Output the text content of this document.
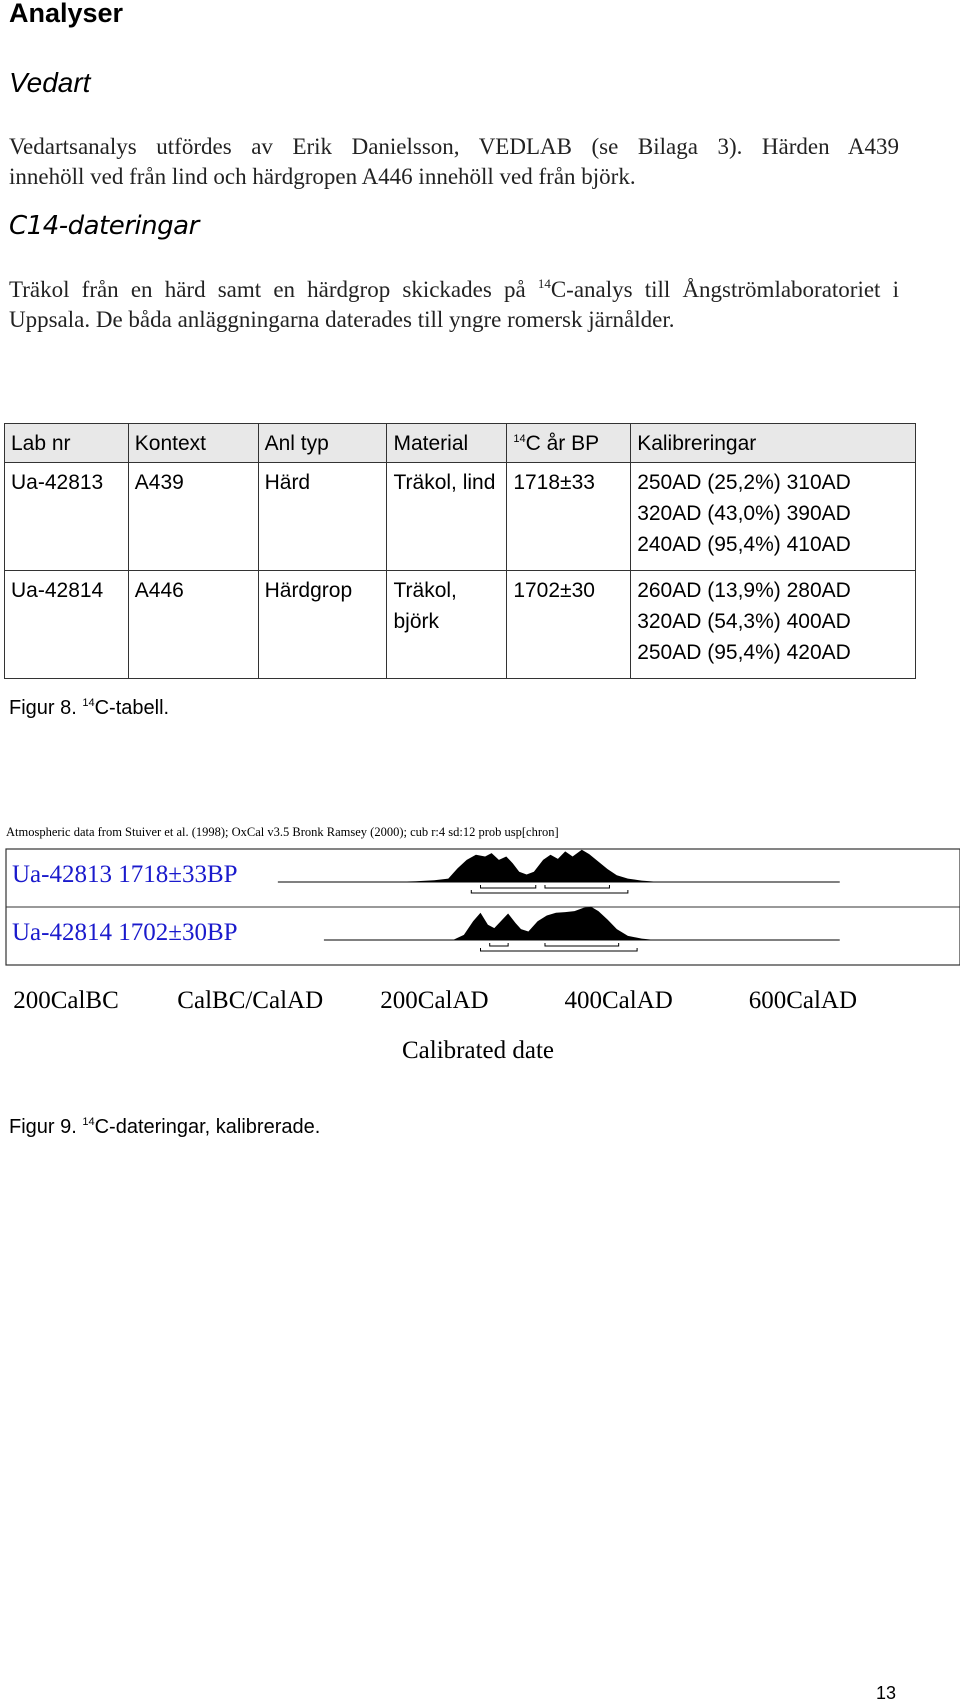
Analyser
Vedart

Vedartsanalys utfördes av Erik Danielsson, VEDLAB (se Bilaga 3). Härden A439

innehöll ved från lind och härdgropen A446 innehöll ved från björk.

C14-dateringar

Träkol från en härd samt en härdgrop skickades på $^{14}$C-analys till Ångströmlaboratoriet i Uppsala. De båda anläggningarna daterades till yngre romersk järnålder.

Lab nr	Kontext	Anl typ	Material	$^{14}$C år BP	Kalibreringar
Ua-42813	A439	Härd	Träkol, lind	1718±33	250AD (25,2%) 310AD
320AD (43,0%) 390AD
240AD (95,4%) 410AD

Ua-42814	A446	Härdgrop	Träkol, björk	1702±30	260AD (13,9%) 280AD
320AD (54,3%) 400AD
250AD (95,4%) 420AD

Figur 8. $^{14}$C-tabell.

Atmospheric data from Stuiver et al. (1998); OxCal v3.5 Bronk Ramsey (2000); cub r:4 sd:12 prob usp[chron]
Ua-42813 1718±33BP
Ua-42814 1702±30BP
200CalBC CalBC/CalAD 200CalAD	400CalAD	600CalAD
Calibrated date

Figur 9. $^{14}$C-dateringar, kalibrerade.

13
